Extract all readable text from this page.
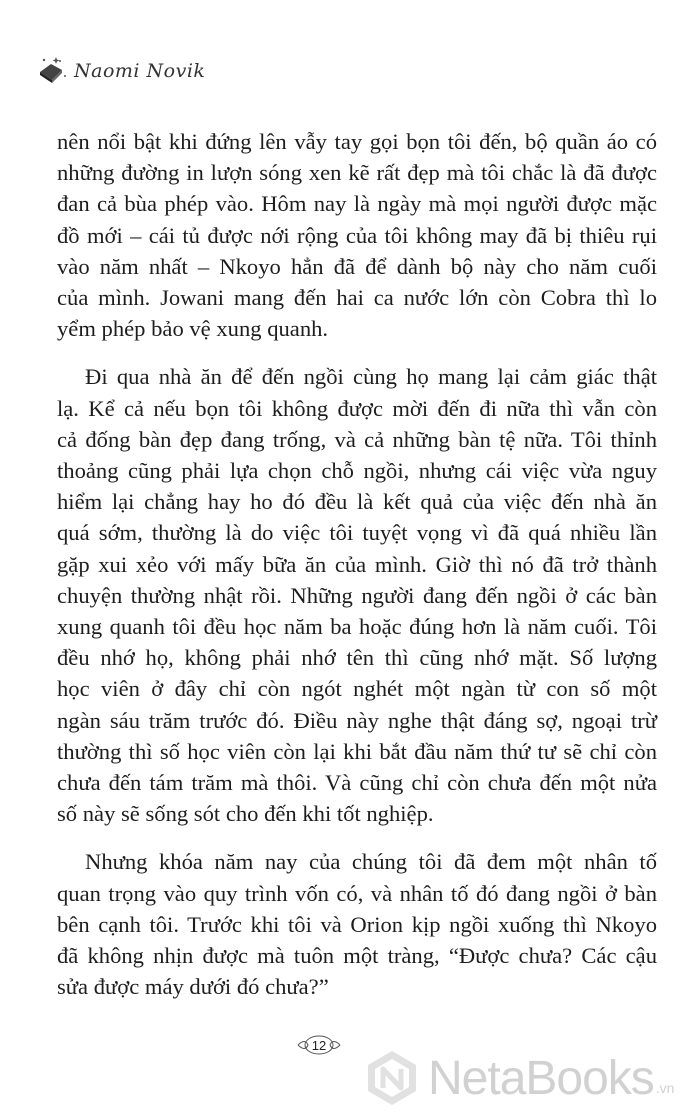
Naomi Novik
nên nổi bật khi đứng lên vẫy tay gọi bọn tôi đến, bộ quần áo có
những đường in lượn sóng xen kẽ rất đẹp mà tôi chắc là đã được
đan cả bùa phép vào. Hôm nay là ngày mà mọi người được mặc
đồ mới – cái tủ được nới rộng của tôi không may đã bị thiêu rụi
vào năm nhất – Nkoyo hẳn đã để dành bộ này cho năm cuối
của mình. Jowani mang đến hai ca nước lớn còn Cobra thì lo
yểm phép bảo vệ xung quanh.
Đi qua nhà ăn để đến ngồi cùng họ mang lại cảm giác thật
lạ. Kể cả nếu bọn tôi không được mời đến đi nữa thì vẫn còn
cả đống bàn đẹp đang trống, và cả những bàn tệ nữa. Tôi thỉnh
thoảng cũng phải lựa chọn chỗ ngồi, nhưng cái việc vừa nguy
hiểm lại chẳng hay ho đó đều là kết quả của việc đến nhà ăn
quá sớm, thường là do việc tôi tuyệt vọng vì đã quá nhiều lần
gặp xui xẻo với mấy bữa ăn của mình. Giờ thì nó đã trở thành
chuyện thường nhật rồi. Những người đang đến ngồi ở các bàn
xung quanh tôi đều học năm ba hoặc đúng hơn là năm cuối. Tôi
đều nhớ họ, không phải nhớ tên thì cũng nhớ mặt. Số lượng
học viên ở đây chỉ còn ngót nghét một ngàn từ con số một
ngàn sáu trăm trước đó. Điều này nghe thật đáng sợ, ngoại trừ
thường thì số học viên còn lại khi bắt đầu năm thứ tư sẽ chỉ còn
chưa đến tám trăm mà thôi. Và cũng chỉ còn chưa đến một nửa
số này sẽ sống sót cho đến khi tốt nghiệp.
Nhưng khóa năm nay của chúng tôi đã đem một nhân tố
quan trọng vào quy trình vốn có, và nhân tố đó đang ngồi ở bàn
bên cạnh tôi. Trước khi tôi và Orion kịp ngồi xuống thì Nkoyo
đã không nhịn được mà tuôn một tràng, “Được chưa? Các cậu
sửa được máy dưới đó chưa?”
12
NetaBooks .vn
